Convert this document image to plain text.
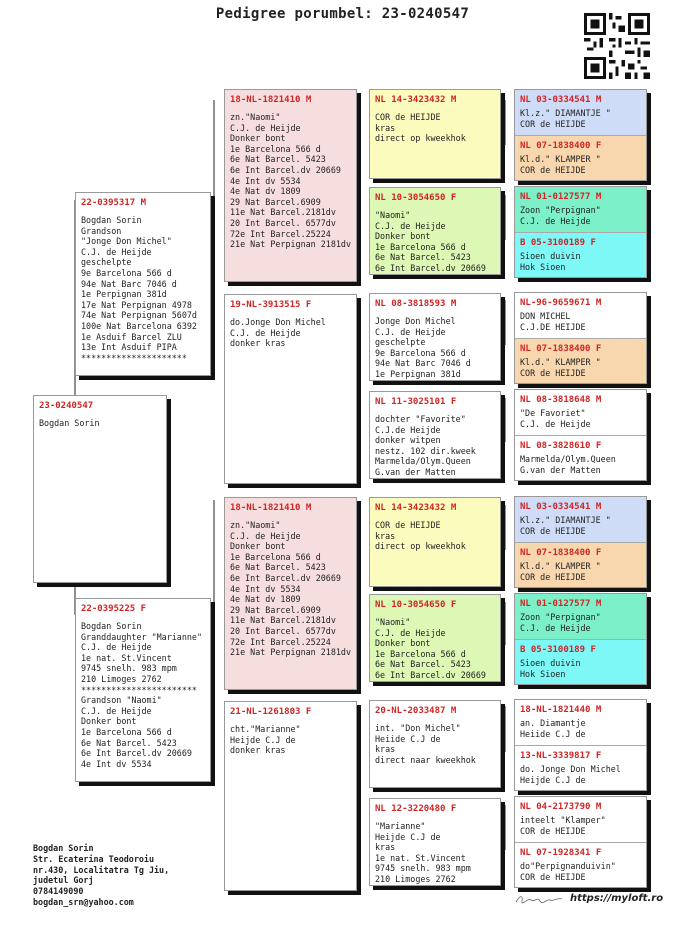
Pedigree porumbel: 23-0240547
23-0240547
Bogdan Sorin
22-0395317 M
Bogdan Sorin
Grandson
"Jonge Don Michel"
C.J. de Heijde
geschelpte
9e Barcelona 566 d
94e Nat Barc 7046 d
1e Perpignan 381d
17e Nat Perpignan 4978
74e Nat Perpignan 5607d
100e Nat Barcelona 6392
1e Asduif Barcel ZLU
13e Int Asduif PIPA
*********************
22-0395225 F
Bogdan Sorin
Granddaughter "Marianne"
C.J. de Heijde
1e nat. St.Vincent
9745 snelh. 983 mpm
210 Limoges 2762
***********************
Grandson "Naomi"
C.J. de Heijde
Donker bont
1e Barcelona 566 d
6e Nat Barcel. 5423
6e Int Barcel.dv 20669
4e Int dv 5534
18-NL-1821410 M
zn."Naomi"
C.J. de Heijde
Donker bont
1e Barcelona 566 d
6e Nat Barcel. 5423
6e Int Barcel.dv 20669
4e Int dv 5534
4e Nat dv 1809
29 Nat Barcel.6909
11e Nat Barcel.2181dv
20 Int Barcel. 6577dv
72e Int Barcel.25224
21e Nat Perpignan 2181dv
19-NL-3913515 F
do.Jonge Don Michel
C.J. de Heijde
donker kras
18-NL-1821410 M
zn."Naomi"
C.J. de Heijde
Donker bont
1e Barcelona 566 d
6e Nat Barcel. 5423
6e Int Barcel.dv 20669
4e Int dv 5534
4e Nat dv 1809
29 Nat Barcel.6909
11e Nat Barcel.2181dv
20 Int Barcel. 6577dv
72e Int Barcel.25224
21e Nat Perpignan 2181dv
21-NL-1261803 F
cht."Marianne"
Heijde C.J de
donker kras
NL 14-3423432 M
COR de HEIJDE
kras
direct op kweekhok
NL 10-3054650 F
"Naomi"
C.J. de Heijde
Donker bont
1e Barcelona 566 d
6e Nat Barcel. 5423
6e Int Barcel.dv 20669
NL 08-3818593 M
Jonge Don Michel
C.J. de Heijde
geschelpte
9e Barcelona 566 d
94e Nat Barc 7046 d
1e Perpignan 381d
NL 11-3025101 F
dochter "Favorite"
C.J.de Heijde
donker witpen
nestz. 102 dir.kweek
Marmelda/Olym.Queen
G.van der Matten
NL 14-3423432 M
COR de HEIJDE
kras
direct op kweekhok
NL 10-3054650 F
"Naomi"
C.J. de Heijde
Donker bont
1e Barcelona 566 d
6e Nat Barcel. 5423
6e Int Barcel.dv 20669
20-NL-2033487 M
int. "Don Michel"
Heiide C.J de
kras
direct naar kweekhok
NL 12-3220480 F
"Marianne"
Heijde C.J de
kras
1e nat. St.Vincent
9745 snelh. 983 mpm
210 Limoges 2762
NL 03-0334541 M
Kl.z." DIAMANTJE "
COR de HEIJDE
NL 07-1838400 F
Kl.d." KLAMPER "
COR de HEIJDE
NL 01-0127577 M
Zoon "Perpignan"
C.J. de Heijde
B 05-3100189 F
Sioen duivin
Hok Sioen
NL-96-9659671 M
DON MICHEL
C.J.DE HEIJDE
NL 07-1838400 F
Kl.d." KLAMPER "
COR de HEIJDE
NL 08-3818648 M
"De Favoriet"
C.J. de Heijde
NL 08-3828610 F
Marmelda/Olym.Queen
G.van der Matten
NL 03-0334541 M
Kl.z." DIAMANTJE "
COR de HEIJDE
NL 07-1838400 F
Kl.d." KLAMPER "
COR de HEIJDE
NL 01-0127577 M
Zoon "Perpignan"
C.J. de Heijde
B 05-3100189 F
Sioen duivin
Hok Sioen
18-NL-1821440 M
an. Diamantje
Heiide C.J de
13-NL-3339817 F
do. Jonge Don Michel
Heijde C.J de
NL 04-2173790 M
inteelt "Klamper"
COR de HEIJDE
NL 07-1928341 F
do"Perpignanduivin"
COR de HEIJDE
Bogdan Sorin
Str. Ecaterina Teodoroiu
nr.430, Localitatra Tg Jiu,
judetul Gorj
0784149090
bogdan_srn@yahoo.com	https://myloft.ro
